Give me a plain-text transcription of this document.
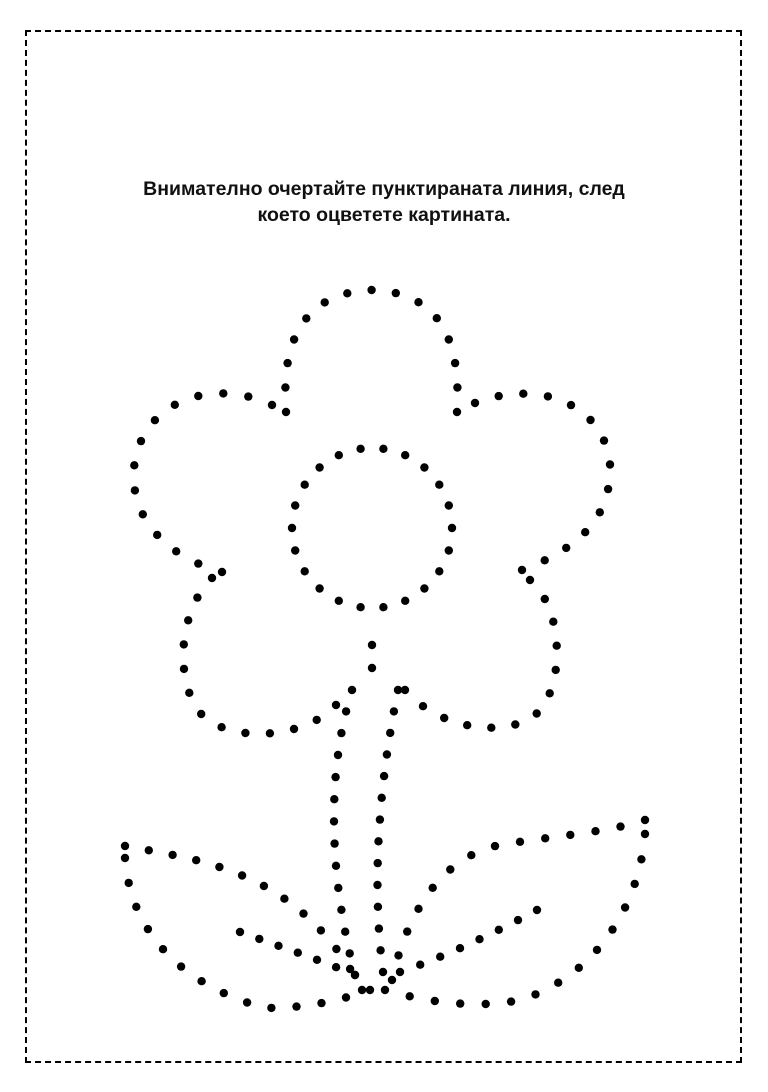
Внимателно очертайте пунктираната линия, след
което оцветете картината.
